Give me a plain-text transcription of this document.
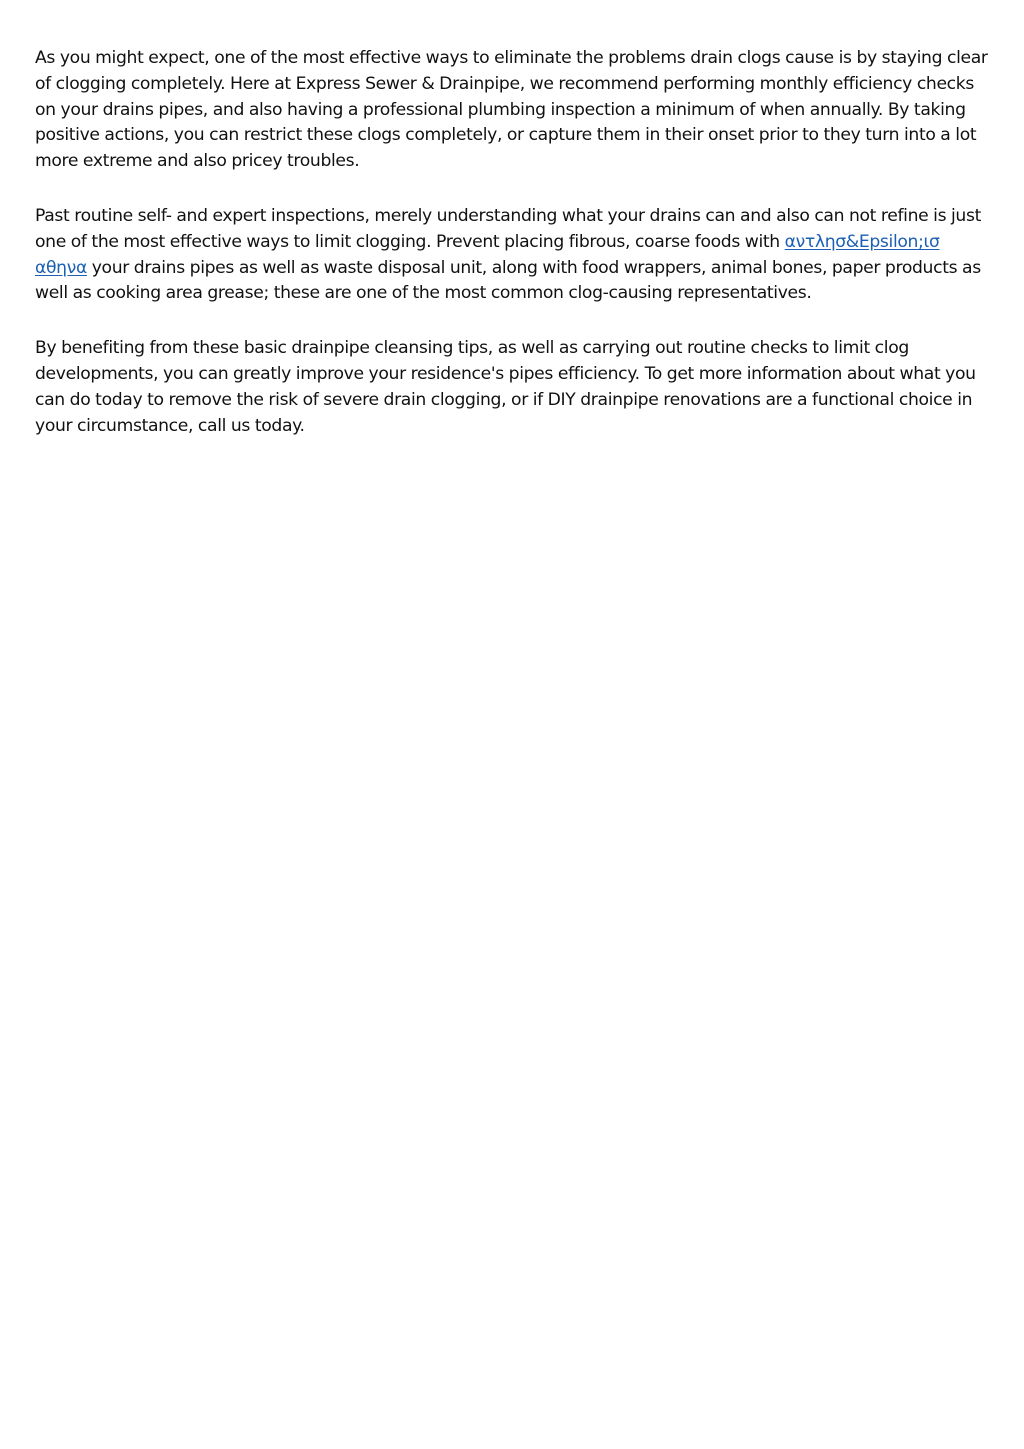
As you might expect, one of the most effective ways to eliminate the problems drain clogs cause is by staying clear of clogging completely. Here at Express Sewer & Drainpipe, we recommend performing monthly efficiency checks on your drains pipes, and also having a professional plumbing inspection a minimum of when annually. By taking positive actions, you can restrict these clogs completely, or capture them in their onset prior to they turn into a lot more extreme and also pricey troubles.

Past routine self- and expert inspections, merely understanding what your drains can and also can not refine is just one of the most effective ways to limit clogging. Prevent placing fibrous, coarse foods with αντλησ&Epsilon;ισ αθηνα your drains pipes as well as waste disposal unit, along with food wrappers, animal bones, paper products as well as cooking area grease; these are one of the most common clog-causing representatives.

By benefiting from these basic drainpipe cleansing tips, as well as carrying out routine checks to limit clog developments, you can greatly improve your residence's pipes efficiency. To get more information about what you can do today to remove the risk of severe drain clogging, or if DIY drainpipe renovations are a functional choice in your circumstance, call us today.
